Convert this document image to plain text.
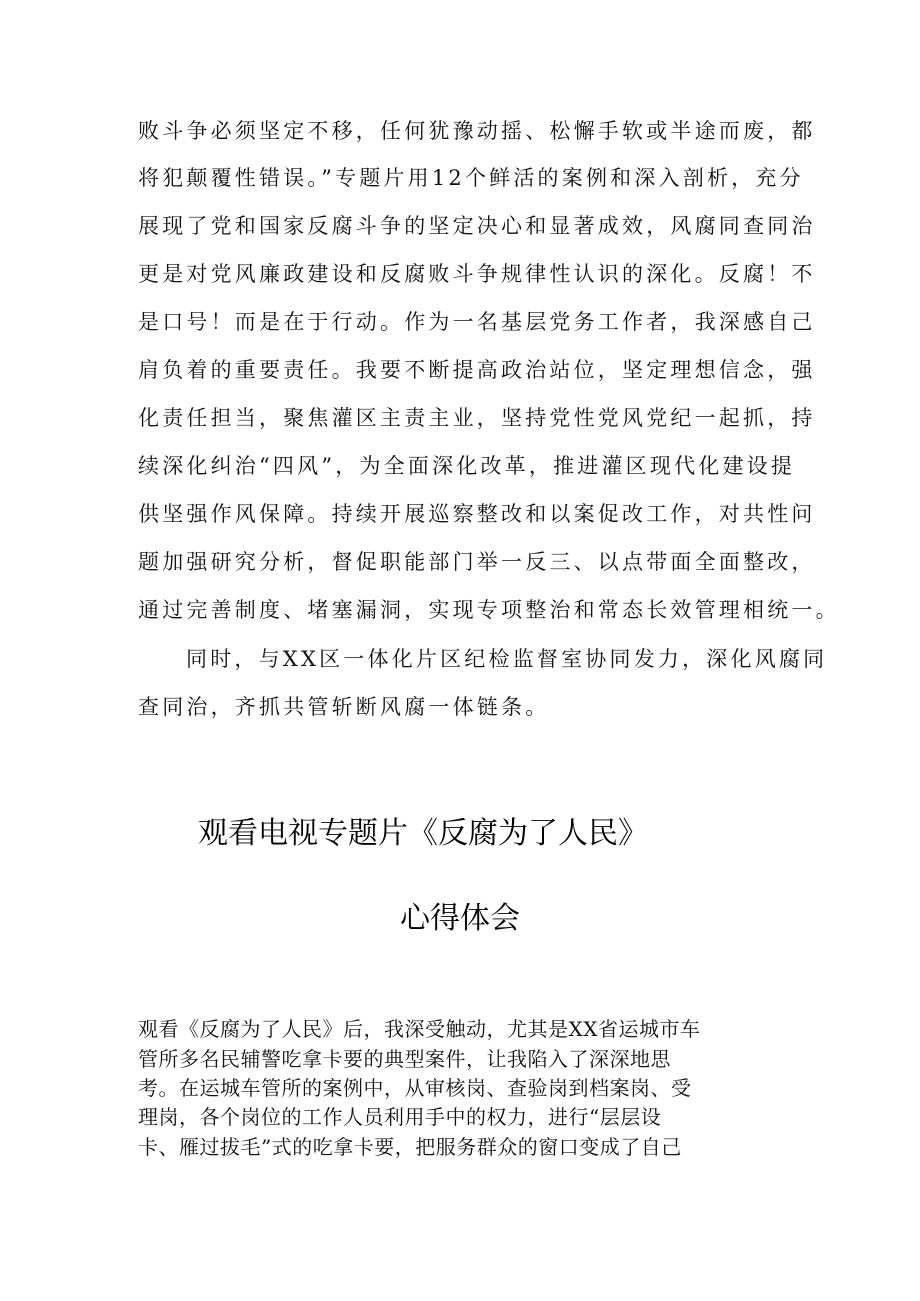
败斗争必须坚定不移，任何犹豫动摇、松懈手软或半途而废，都
将犯颠覆性错误。”专题片用12个鲜活的案例和深入剖析，充分
展现了党和国家反腐斗争的坚定决心和显著成效，风腐同查同治
更是对党风廉政建设和反腐败斗争规律性认识的深化。反腐！不
是口号！而是在于行动。作为一名基层党务工作者，我深感自己
肩负着的重要责任。我要不断提高政治站位，坚定理想信念，强
化责任担当，聚焦灌区主责主业，坚持党性党风党纪一起抓，持
续深化纠治“四风”，为全面深化改革，推进灌区现代化建设提
供坚强作风保障。持续开展巡察整改和以案促改工作，对共性问
题加强研究分析，督促职能部门举一反三、以点带面全面整改，
通过完善制度、堵塞漏洞，实现专项整治和常态长效管理相统一。
同时，与XX区一体化片区纪检监督室协同发力，深化风腐同
查同治，齐抓共管斩断风腐一体链条。
观看电视专题片《反腐为了人民》
心得体会
观看《反腐为了人民》后，我深受触动，尤其是XX省运城市车
管所多名民辅警吃拿卡要的典型案件，让我陷入了深深地思
考。在运城车管所的案例中，从审核岗、查验岗到档案岗、受
理岗，各个岗位的工作人员利用手中的权力，进行“层层设
卡、雁过拔毛”式的吃拿卡要，把服务群众的窗口变成了自己
